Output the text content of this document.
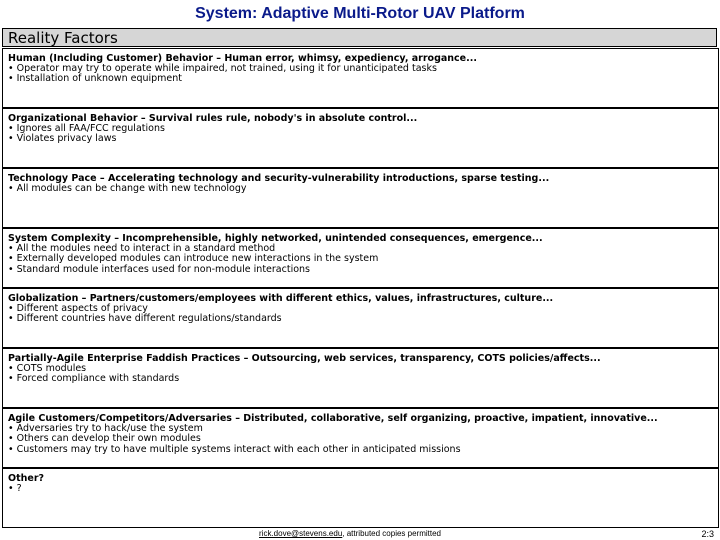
System: Adaptive Multi-Rotor UAV Platform
Reality Factors
Human (Including Customer) Behavior – Human error, whimsy, expediency, arrogance...
• Operator may try to operate while impaired, not trained, using it for unanticipated tasks
• Installation of unknown equipment
Organizational Behavior – Survival rules rule, nobody's in absolute control...
• Ignores all FAA/FCC regulations
• Violates privacy laws
Technology Pace – Accelerating technology and security-vulnerability introductions, sparse testing...
• All modules can be change with new technology
System Complexity – Incomprehensible, highly networked, unintended consequences, emergence...
• All the modules need to interact in a standard method
• Externally developed modules can introduce new interactions in the system
• Standard module interfaces used for non-module interactions
Globalization – Partners/customers/employees with different ethics, values, infrastructures, culture...
• Different aspects of privacy
• Different countries have different regulations/standards
Partially-Agile Enterprise Faddish Practices – Outsourcing, web services, transparency, COTS policies/affects...
• COTS modules
• Forced compliance with standards
Agile Customers/Competitors/Adversaries – Distributed, collaborative, self organizing, proactive, impatient, innovative...
• Adversaries try to hack/use the system
• Others can develop their own modules
• Customers may try to have multiple systems interact with each other in anticipated missions
Other?
• ?
rick.dove@stevens.edu, attributed copies permitted	2:3
